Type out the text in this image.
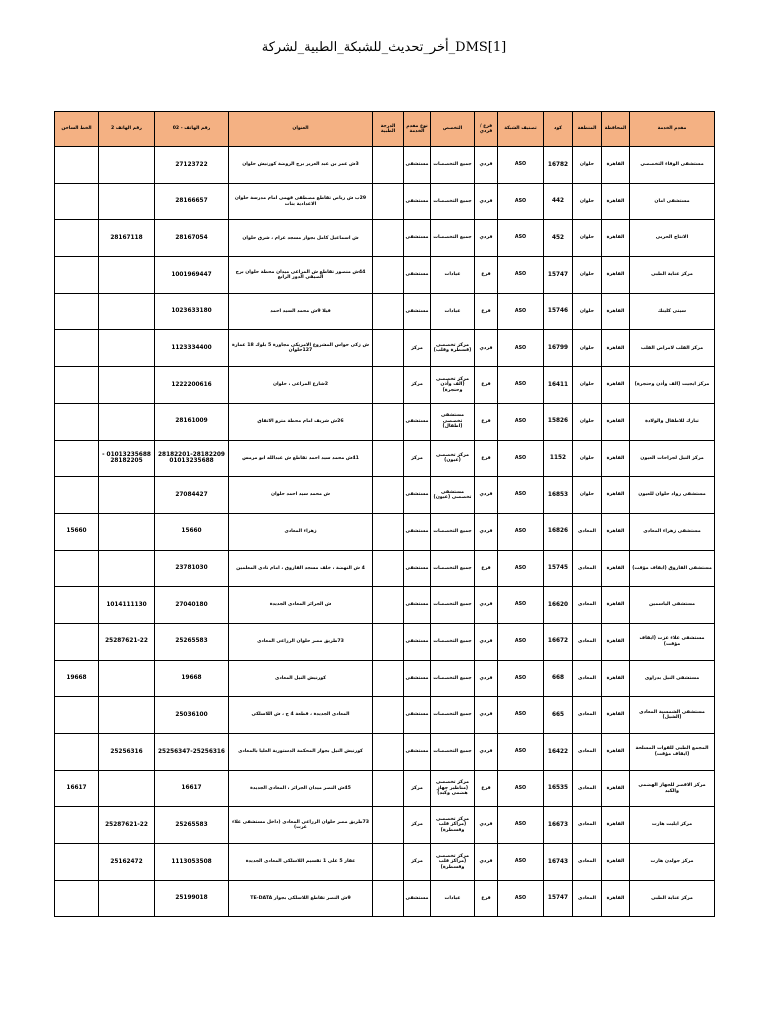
أخر_تحديث_للشبكة_الطبية_لشركة_DMS[1]
مقدم الخدمة	المحافظة	المنطقة	كود	تصنيف الشبكة	فرع / فردي	التخصص	نوع مقدم الخدمة	الدرجة الطبية	العنوان	رقم الهاتف - 02	رقم الهاتف 2	الخط الساخن
مستشفى الوفاء التخصصي	القاهرة	حلوان	16782	ASO	فردي	جميع التخصصات	مستشفى		3ش عمر بن عبد العزيز برج الروضة كورنيش حلوان	27123722		
مستشفى امان	القاهرة	حلوان	442	ASO	فردي	جميع التخصصات	مستشفى		29ب ش رياض تقاطع مصطفى فهمى امام مدرسة حلوان الاعدادية بنات	28166657		
الانتاج الحربى	القاهرة	حلوان	452	ASO	فردي	جميع التخصصات	مستشفى		ش اسماعيل كامل بجوار مسجد عزام ، شرق حلوان	28167054	28167118	
مركز عناية الطبى	القاهرة	حلوان	15747	ASO	فرع	عيادات	مستشفى		44ش منصور تقاطع ش المراغى ميدان محطة حلوان برج الصيفى الدور الرابع	1001969447		
سيتى كلينك	القاهرة	حلوان	15746	ASO	فرع	عيادات	مستشفى		فيلا 9ش محمد السيد احمد	1023633180		
مركز القلب لامراض القلب	القاهرة	حلوان	16799	ASO	فردي	مركز تخصصى (قسطرة وقلب)	مركز		ش زكى حواس المشروع الامريكى مجاورة 5 بلوك 18 عمارة 127حلوان	1123334400		
مركز ايجيت (الف وأذن وحنجرة)	القاهرة	حلوان	16411	ASO	فرع	مركز تخصصى (الف وأذن وحنجرة)	مركز		2شارع المراغى ، حلوان	1222200616		
تبارك للاطفال والولادة	القاهرة	حلوان	15826	ASO	فرع	مستشفى تخصصى (اطفال)	مستشفى		26ش شريف امام محطة مترو الاتفاق	28161009		
مركز النيل لجراحات العيون	القاهرة	حلوان	1152	ASO	فرع	مركز تخصصى (عيون)	مركز		41ش محمد سيد احمد تقاطع ش عبدالله ابو مزمس	28182201-28182209 01013235688	01013235688 - 28182205	
مستشفى رواد حلوان للعيون	القاهرة	حلوان	16853	ASO	فردي	مستشفى تخصصى (عيون)	مستشفى		ش محمد سيد احمد حلوان	27084427		
مستشفى زهراء المعادى	القاهرة	المعادى	16826	ASO	فردي	جميع التخصصات	مستشفى		زهراء المعادى	15660		15660
مستشفى الفاروق (ايقاف مؤقت)	القاهرة	المعادى	15745	ASO	فرع	جميع التخصصات	مستشفى		4 ش النهضة ، خلف مسجد الفاروق ، امام نادى المعلمين	23781030		
مستشفى الياسمين	القاهرة	المعادى	16620	ASO	فردي	جميع التخصصات	مستشفى		ش الجزائر المعادى الجديدة	27040180	1014111130	
مستشفى علاء عزت (ايقاف مؤقت)	القاهرة	المعادى	16672	ASO	فردي	جميع التخصصات	مستشفى		73طريق مصر حلوان الزراعى المعادى	25265583	25287621-22	
مستشفى النيل بدراوى	القاهرة	المعادى	668	ASO	فردي	جميع التخصصات	مستشفى		كورنيش النيل المعادى	19668		19668
مستشفى الشمسية المعادى (الشيل)	القاهرة	المعادى	665	ASO	فردي	جميع التخصصات	مستشفى		المعادى الجديدة ، قطعة 4 ج ، ش اللاسلكى	25036100		
المجمع الطبى للقوات المسلحة (ايقاف مؤقت)	القاهرة	المعادى	16422	ASO	فردي	جميع التخصصات	مستشفى		كورنيش النيل بجوار المحكمة الدستورية العليا بالمعادى	25256347-25256316	25256316	
مركز الاقصر للجهاز الهضمى والكبد	القاهرة	المعادى	16535	ASO	فرع	مركز تخصصى (مناظير جهاز هضمى وكبد)	مركز		45ش النصر ميدان الجزائر ، المعادى الجديدة	16617		16617
مركز ايليت هارت	القاهرة	المعادى	16673	ASO	فردي	مركز تخصصى (مراكز قلب وقسطرة)	مركز		73طريق مصر حلوان الزراعى المعادى (داخل مستشفى علاء عزت)	25265583	25287621-22	
مركز جولدن هارت	القاهرة	المعادى	16743	ASO	فردي	مركز تخصصى (مراكز قلب وقسطرة)	مركز		عقار 5 على 1 تقسيم اللاسلكى المعادى الجديدة	1113053508	25162472	
مركز عناية الطبى	القاهرة	المعادى	15747	ASO	فرع	عيادات	مستشفى		9ش النصر تقاطع اللاسلكى بجوار TE-DATA	25199018		
